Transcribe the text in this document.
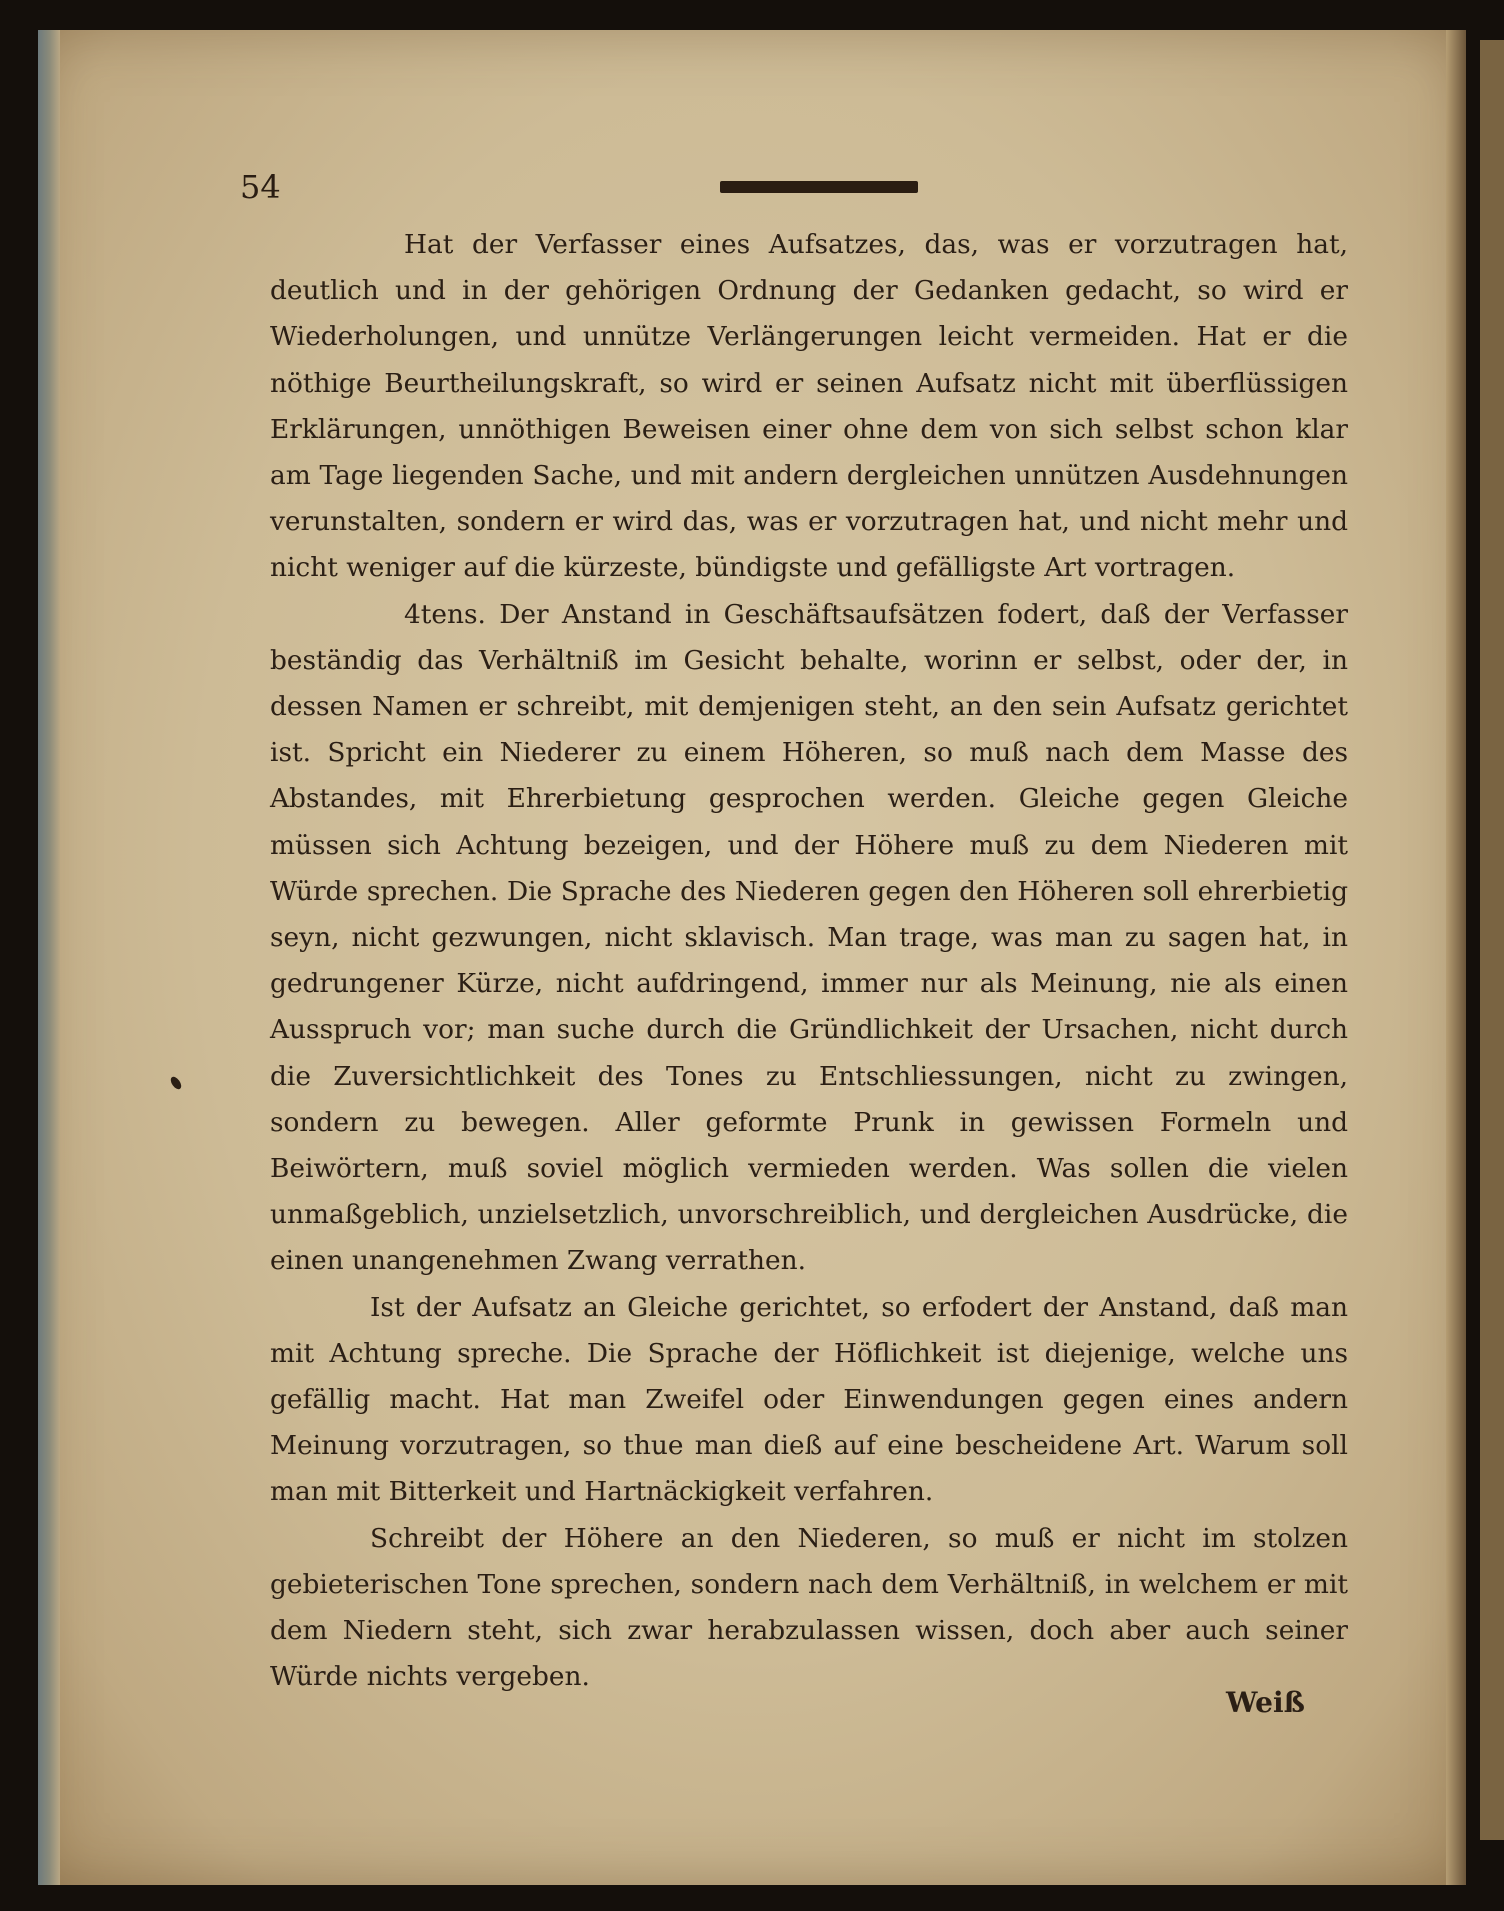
54

Hat der Verfasser eines Aufsatzes, das, was er vorzutragen hat, deutlich und in der gehörigen Ordnung der Gedanken gedacht, so wird er Wiederholungen, und unnütze Verlängerungen leicht vermeiden. Hat er die nöthige Beurtheilungskraft, so wird er seinen Aufsatz nicht mit überflüssigen Erklärungen, unnöthigen Beweisen einer ohne dem von sich selbst schon klar am Tage liegenden Sache, und mit andern dergleichen unnützen Ausdehnungen verunstalten, sondern er wird das, was er vorzutragen hat, und nicht mehr und nicht weniger auf die kürzeste, bündigste und gefälligste Art vortragen.

4tens. Der Anstand in Geschäftsaufsätzen fodert, daß der Verfasser beständig das Verhältniß im Gesicht behalte, worinn er selbst, oder der, in dessen Namen er schreibt, mit demjenigen steht, an den sein Aufsatz gerichtet ist. Spricht ein Niederer zu einem Höheren, so muß nach dem Masse des Abstandes, mit Ehrerbietung gesprochen werden. Gleiche gegen Gleiche müssen sich Achtung bezeigen, und der Höhere muß zu dem Niederen mit Würde sprechen. Die Sprache des Niederen gegen den Höheren soll ehrerbietig seyn, nicht gezwungen, nicht sklavisch. Man trage, was man zu sagen hat, in gedrungener Kürze, nicht aufdringend, immer nur als Meinung, nie als einen Ausspruch vor; man suche durch die Gründlichkeit der Ursachen, nicht durch die Zuversichtlichkeit des Tones zu Entschliessungen, nicht zu zwingen, sondern zu bewegen. Aller geformte Prunk in gewissen Formeln und Beiwörtern, muß soviel möglich vermieden werden. Was sollen die vielen unmaßgeblich, unzielsetzlich, unvorschreiblich, und dergleichen Ausdrücke, die einen unangenehmen Zwang verrathen.

Ist der Aufsatz an Gleiche gerichtet, so erfodert der Anstand, daß man mit Achtung spreche. Die Sprache der Höflichkeit ist diejenige, welche uns gefällig macht. Hat man Zweifel oder Einwendungen gegen eines andern Meinung vorzutragen, so thue man dieß auf eine bescheidene Art. Warum soll man mit Bitterkeit und Hartnäckigkeit verfahren.

Schreibt der Höhere an den Niederen, so muß er nicht im stolzen gebieterischen Tone sprechen, sondern nach dem Verhältniß, in welchem er mit dem Niedern steht, sich zwar herabzulassen wissen, doch aber auch seiner Würde nichts vergeben.

Weiß
